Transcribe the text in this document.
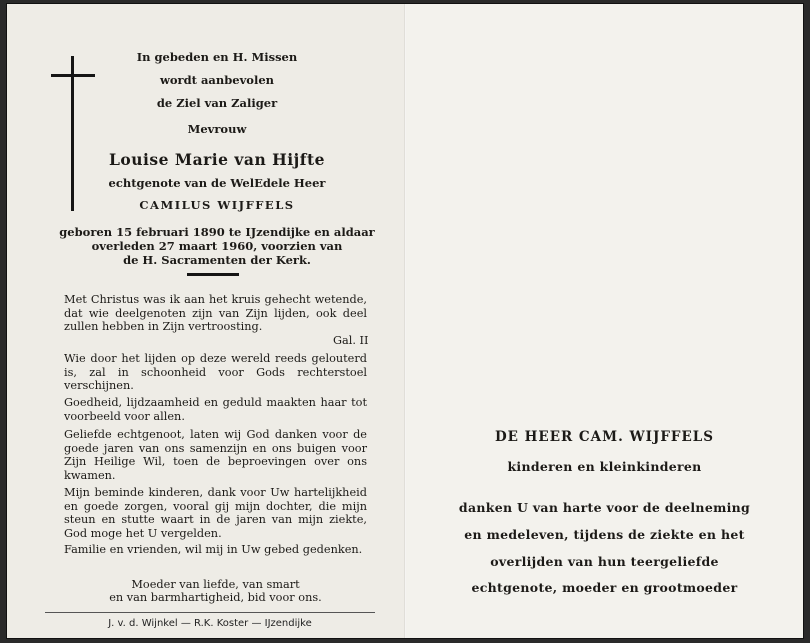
In gebeden en H. Missen
wordt aanbevolen
de Ziel van Zaliger
Mevrouw
Louise Marie van Hijfte
echtgenote van de WelEdele Heer
CAMILUS WIJFFELS
geboren 15 februari 1890 te IJzendijke en aldaar
overleden 27 maart 1960, voorzien van
de H. Sacramenten der Kerk.
Met Christus was ik aan het kruis gehecht wetende, dat wie deelgenoten zijn van Zijn lijden, ook deel zullen hebben in Zijn vertroosting.
Gal. II
Wie door het lijden op deze wereld reeds gelouterd is, zal in schoonheid voor Gods rechterstoel verschijnen.
Goedheid, lijdzaamheid en geduld maakten haar tot voorbeeld voor allen.
Geliefde echtgenoot, laten wij God danken voor de goede jaren van ons samenzijn en ons buigen voor Zijn Heilige Wil, toen de beproevingen over ons kwamen.
Mijn beminde kinderen, dank voor Uw hartelijkheid en goede zorgen, vooral gij mijn dochter, die mijn steun en stutte waart in de jaren van mijn ziekte, God moge het U vergelden.
Familie en vrienden, wil mij in Uw gebed gedenken.
Moeder van liefde, van smart
en van barmhartigheid, bid voor ons.
J. v. d. Wijnkel — R.K. Koster — IJzendijke
DE HEER CAM. WIJFFELS
kinderen en kleinkinderen
danken U van harte voor de deelneming
en medeleven, tijdens de ziekte en het
overlijden van hun teergeliefde
echtgenote, moeder en grootmoeder
